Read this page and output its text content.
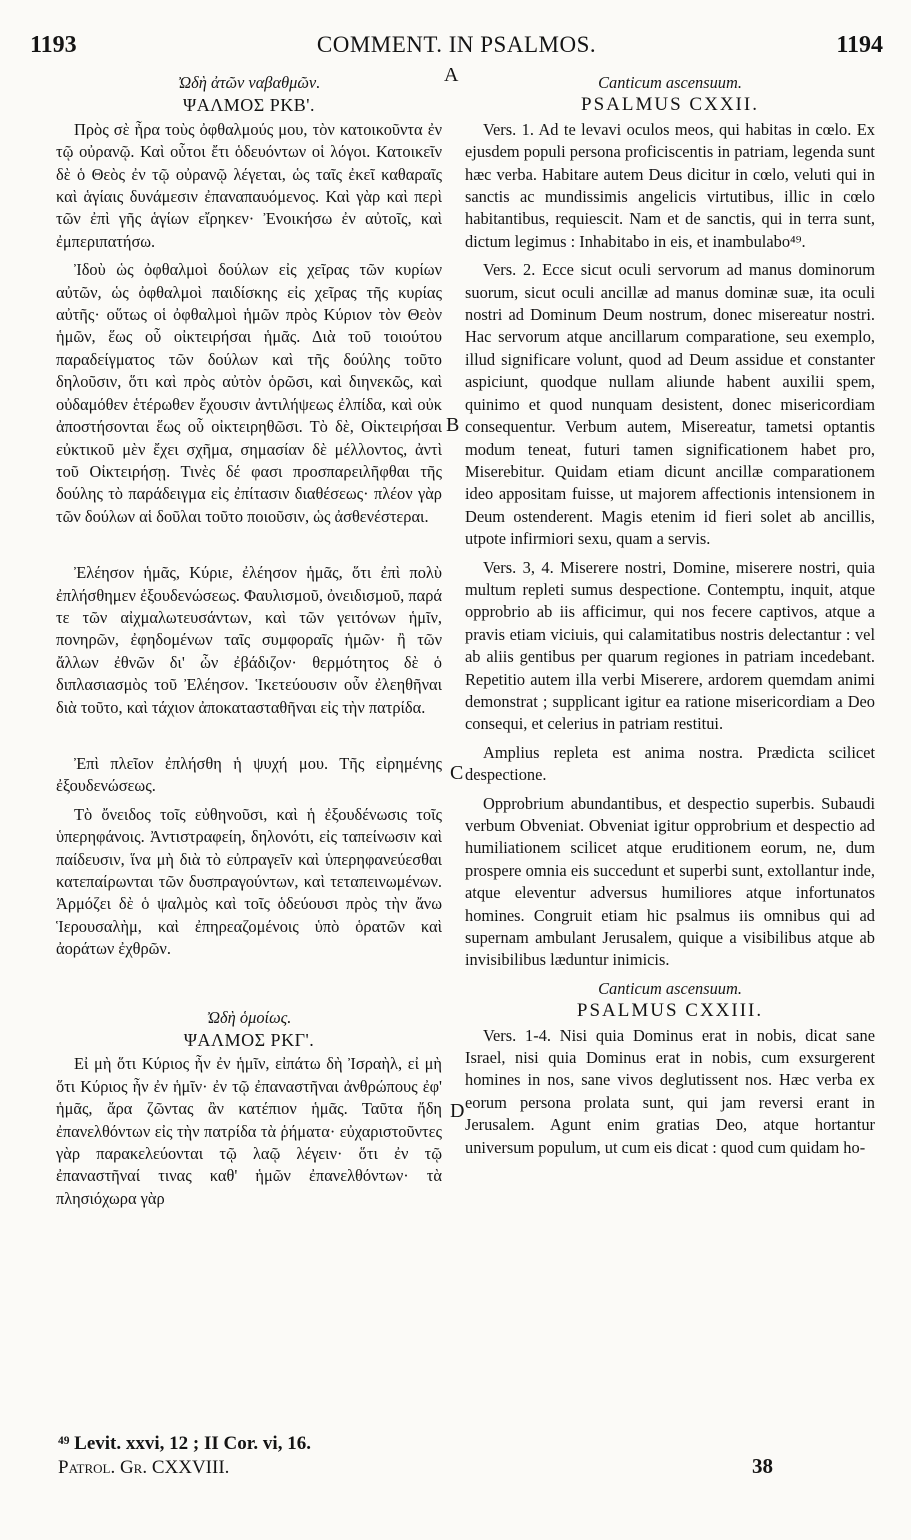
1193	COMMENT. IN PSALMOS.	1194
A
B
C
D

Ὠδὴ ἀτῶν ναβαθμῶν.

ΨΑΛΜΟΣ ΡΚΒ'.

Πρὸς σὲ ἦρα τοὺς ὀφθαλμούς μου, τὸν κατοικοῦντα ἐν τῷ οὐρανῷ. Καὶ οὗτοι ἔτι ὁδευόντων οἱ λόγοι. Κατοικεῖν δὲ ὁ Θεὸς ἐν τῷ οὐρανῷ λέγεται, ὡς ταῖς ἐκεῖ καθαραῖς καὶ ἁγίαις δυνάμεσιν ἐπαναπαυόμενος. Καὶ γὰρ καὶ περὶ τῶν ἐπὶ γῆς ἁγίων εἴρηκεν· Ἐνοικήσω ἐν αὐτοῖς, καὶ ἐμπεριπατήσω.

Ἰδοὺ ὡς ὀφθαλμοὶ δούλων εἰς χεῖρας τῶν κυρίων αὐτῶν, ὡς ὀφθαλμοὶ παιδίσκης εἰς χεῖρας τῆς κυρίας αὐτῆς· οὕτως οἱ ὀφθαλμοὶ ἡμῶν πρὸς Κύριον τὸν Θεὸν ἡμῶν, ἕως οὗ οἰκτειρήσαι ἡμᾶς. Διὰ τοῦ τοιούτου παραδείγματος τῶν δούλων καὶ τῆς δούλης τοῦτο δηλοῦσιν, ὅτι καὶ πρὸς αὐτὸν ὁρῶσι, καὶ διηνεκῶς, καὶ οὐδαμόθεν ἑτέρωθεν ἔχουσιν ἀντιλήψεως ἐλπίδα, καὶ οὐκ ἀποστήσονται ἕως οὗ οἰκτειρηθῶσι. Τὸ δὲ, Οἰκτειρήσαι εὐκτικοῦ μὲν ἔχει σχῆμα, σημασίαν δὲ μέλλοντος, ἀντὶ τοῦ Οἰκτειρήσῃ. Τινὲς δέ φασι προσπαρειλῆφθαι τῆς δούλης τὸ παράδειγμα εἰς ἐπίτασιν διαθέσεως· πλέον γὰρ τῶν δούλων αἱ δοῦλαι τοῦτο ποιοῦσιν, ὡς ἀσθενέστεραι.

Ἐλέησον ἡμᾶς, Κύριε, ἐλέησον ἡμᾶς, ὅτι ἐπὶ πολὺ ἐπλήσθημεν ἐξουδενώσεως. Φαυλισμοῦ, ὀνειδισμοῦ, παρά τε τῶν αἰχμαλωτευσάντων, καὶ τῶν γειτόνων ἡμῖν, πονηρῶν, ἐφηδομένων ταῖς συμφοραῖς ἡμῶν· ἢ τῶν ἄλλων ἐθνῶν δι' ὧν ἐβάδιζον· θερμότητος δὲ ὁ διπλασιασμὸς τοῦ Ἐλέησον. Ἱκετεύουσιν οὖν ἐλεηθῆναι διὰ τοῦτο, καὶ τάχιον ἀποκατασταθῆναι εἰς τὴν πατρίδα.

Ἐπὶ πλεῖον ἐπλήσθη ἡ ψυχή μου. Τῆς εἰρημένης ἐξουδενώσεως.

Τὸ ὄνειδος τοῖς εὐθηνοῦσι, καὶ ἡ ἐξουδένωσις τοῖς ὑπερηφάνοις. Ἀντιστραφείη, δηλονότι, εἰς ταπείνωσιν καὶ παίδευσιν, ἵνα μὴ διὰ τὸ εὐπραγεῖν καὶ ὑπερηφανεύεσθαι κατεπαίρωνται τῶν δυσπραγούντων, καὶ τεταπεινωμένων. Ἁρμόζει δὲ ὁ ψαλμὸς καὶ τοῖς ὁδεύουσι πρὸς τὴν ἄνω Ἱερουσαλὴμ, καὶ ἐπηρεαζομένοις ὑπὸ ὁρατῶν καὶ ἀοράτων ἐχθρῶν.

Ὠδὴ ὁμοίως.

ΨΑΛΜΟΣ ΡΚΓ'.

Εἰ μὴ ὅτι Κύριος ἦν ἐν ἡμῖν, εἰπάτω δὴ Ἰσραὴλ, εἰ μὴ ὅτι Κύριος ἦν ἐν ἡμῖν· ἐν τῷ ἐπαναστῆναι ἀνθρώπους ἐφ' ἡμᾶς, ἄρα ζῶντας ἂν κατέπιον ἡμᾶς. Ταῦτα ἤδη ἐπανελθόντων εἰς τὴν πατρίδα τὰ ῥήματα· εὐχαριστοῦντες γὰρ παρακελεύονται τῷ λαῷ λέγειν· ὅτι ἐν τῷ ἐπαναστῆναί τινας καθ' ἡμῶν ἐπανελθόντων· τὰ πλησιόχωρα γὰρ

Canticum ascensuum.

PSALMUS CXXII.

Vers. 1. Ad te levavi oculos meos, qui habitas in cœlo. Ex ejusdem populi persona proficiscentis in patriam, legenda sunt hæc verba. Habitare autem Deus dicitur in cœlo, veluti qui in sanctis ac mundissimis angelicis virtutibus, illic in cœlo habitantibus, requiescit. Nam et de sanctis, qui in terra sunt, dictum legimus : Inhabitabo in eis, et inambulabo⁴⁹.

Vers. 2. Ecce sicut oculi servorum ad manus dominorum suorum, sicut oculi ancillæ ad manus dominæ suæ, ita oculi nostri ad Dominum Deum nostrum, donec misereatur nostri. Hac servorum atque ancillarum comparatione, seu exemplo, illud significare volunt, quod ad Deum assidue et constanter aspiciunt, quodque nullam aliunde habent auxilii spem, quinimo et quod nunquam desistent, donec misericordiam consequentur. Verbum autem, Misereatur, tametsi optantis modum teneat, futuri tamen significationem habet pro, Miserebitur. Quidam etiam dicunt ancillæ comparationem ideo appositam fuisse, ut majorem affectionis intensionem in Deum ostenderent. Magis etenim id fieri solet ab ancillis, utpote infirmiori sexu, quam a servis.

Vers. 3, 4. Miserere nostri, Domine, miserere nostri, quia multum repleti sumus despectione. Contemptu, inquit, atque opprobrio ab iis afficimur, qui nos fecere captivos, atque a pravis etiam viciuis, qui calamitatibus nostris delectantur : vel ab aliis gentibus per quarum regiones in patriam incedebant. Repetitio autem illa verbi Miserere, ardorem quemdam animi demonstrat ; supplicant igitur ea ratione misericordiam a Deo consequi, et celerius in patriam restitui.

Amplius repleta est anima nostra. Prædicta scilicet despectione.

Opprobrium abundantibus, et despectio superbis. Subaudi verbum Obveniat. Obveniat igitur opprobrium et despectio ad humiliationem scilicet atque eruditionem eorum, ne, dum prospere omnia eis succedunt et superbi sunt, extollantur inde, atque eleventur adversus humiliores atque infortunatos homines. Congruit etiam hic psalmus iis omnibus qui ad supernam ambulant Jerusalem, quique a visibilibus atque ab invisibilibus læduntur inimicis.

Canticum ascensuum.

PSALMUS CXXIII.

Vers. 1-4. Nisi quia Dominus erat in nobis, dicat sane Israel, nisi quia Dominus erat in nobis, cum exsurgerent homines in nos, sane vivos deglutissent nos. Hæc verba ex eorum persona prolata sunt, qui jam reversi erant in Jerusalem. Agunt enim gratias Deo, atque hortantur universum populum, ut cum eis dicat : quod cum quidam ho-

⁴⁹ Levit. xxvi, 12 ; II Cor. vi, 16.
Patrol. Gr. CXXVIII.	38
